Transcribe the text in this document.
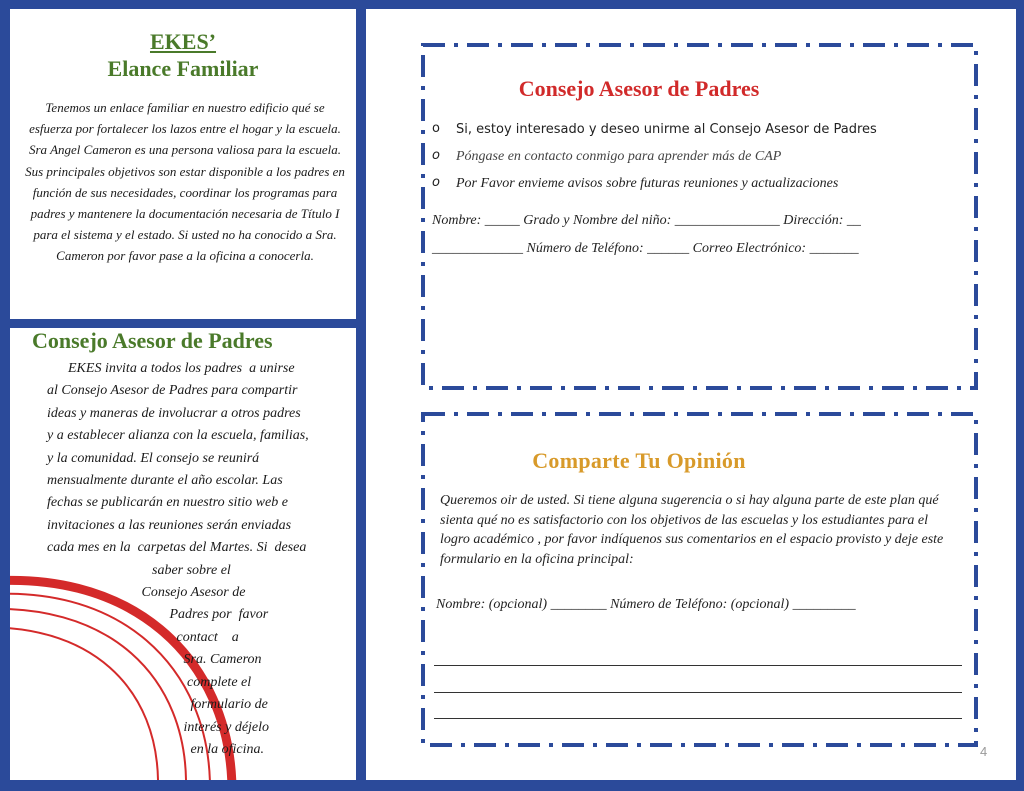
EKES’

Elance Familiar

Tenemos un enlace familiar en nuestro edificio qué se esfuerza por fortalecer los lazos entre el hogar y la escuela. Sra Angel Cameron es una persona valiosa para la escuela. Sus principales objetivos son estar disponible a los padres en función de sus necesidades, coordinar los programas para padres y mantenere la documentación necesaria de Título I para el sistema y el estado. Si usted no ha conocido a Sra. Cameron por favor pase a la oficina a conocerla.

Consejo Asesor de Padres

EKES invita a todos los padres  a unirse
al Consejo Asesor de Padres para compartir
ideas y maneras de involucrar a otros padres
y a establecer alianza con la escuela, familias,
y la comunidad. El consejo se reunirá
mensualmente durante el año escolar. Las
fechas se publicarán en nuestro sitio web e
invitaciones a las reuniones serán enviadas
cada mes en la  carpetas del Martes. Si  desea
saber sobre el
Consejo Asesor de
Padres por  favor
contact    a
Sra. Cameron
complete el
formulario de
interés y déjelo
en la oficina.

Consejo Asesor de Padres

o Si, estoy interesado y deseo unirme al Consejo Asesor de Padres
o Póngase en contacto conmigo para aprender más de CAP
o Por Favor envieme avisos sobre futuras reuniones y actualizaciones
Nombre: _____ Grado y Nombre del niño: _______________ Dirección: __
_____________ Número de Teléfono: ______ Correo Electrónico: _______

Comparte Tu Opinión

Queremos oir de usted. Si tiene alguna sugerencia o si hay alguna parte de este plan qué sienta qué no es satisfactorio con los objetivos de las escuelas y los estudiantes para el logro académico , por favor indíquenos sus comentarios en el espacio provisto y deje este formulario en la oficina principal:

Nombre: (opcional) ________ Número de Teléfono: (opcional) _________
4
